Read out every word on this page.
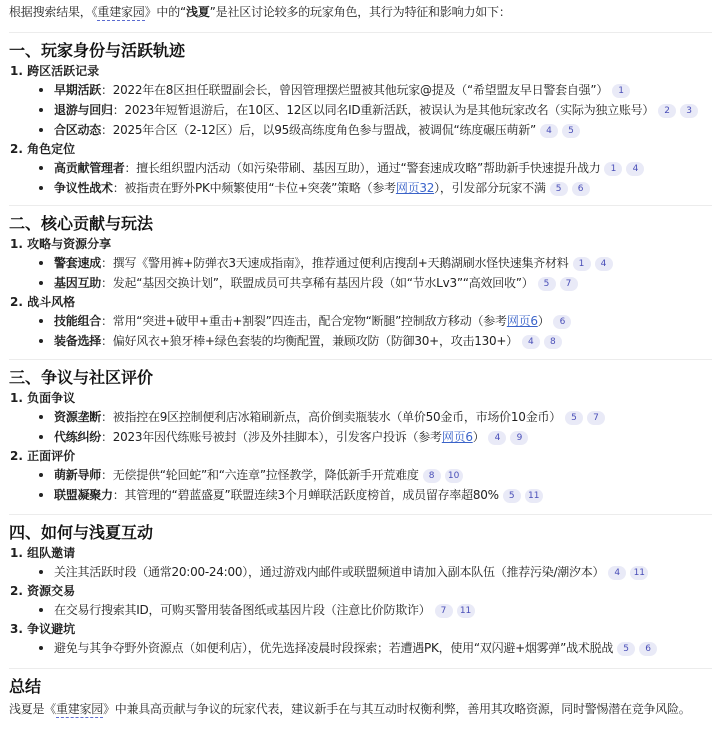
根据搜索结果，《重建家园》中的“浅夏”是社区讨论较多的玩家角色，其行为特征和影响力如下：
一、玩家身份与活跃轨迹
1. 跨区活跃记录
早期活跃：2022年在8区担任联盟副会长，曾因管理摆烂盟被其他玩家@提及（“希望盟友早日警套自强”） 1
退游与回归：2023年短暂退游后，在10区、12区以同名ID重新活跃，被误认为是其他玩家改名（实际为独立账号） 2 3
合区动态：2025年合区（2-12区）后，以95级高练度角色参与盟战，被调侃“练度碾压萌新” 4 5
2. 角色定位
高贡献管理者：擅长组织盟内活动（如污染带刷、基因互助），通过“警套速成攻略”帮助新手快速提升战力 1 4
争议性战术：被指责在野外PK中频繁使用“卡位+突袭”策略（参考网页32），引发部分玩家不满 5 6
二、核心贡献与玩法
1. 攻略与资源分享
警套速成：撰写《警用裤+防弹衣3天速成指南》，推荐通过便利店搜刮+天鹅湖刷水怪快速集齐材料 1 4
基因互助：发起“基因交换计划”，联盟成员可共享稀有基因片段（如“节水Lv3”“高效回收”） 5 7
2. 战斗风格
技能组合：常用“突进+破甲+重击+割裂”四连击，配合宠物“断腿”控制敌方移动（参考网页6） 6
装备选择：偏好风衣+狼牙棒+绿色套装的均衡配置，兼顾攻防（防御30+，攻击130+） 4 8
三、争议与社区评价
1. 负面争议
资源垄断：被指控在9区控制便利店冰箱刷新点，高价倒卖瓶装水（单价50金币，市场价10金币） 5 7
代练纠纷：2023年因代练账号被封（涉及外挂脚本），引发客户投诉（参考网页6） 4 9
2. 正面评价
萌新导师：无偿提供“轮回蛇”和“六连章”拉怪教学，降低新手开荒难度 8 10
联盟凝聚力：其管理的“碧蓝盛夏”联盟连续3个月蝉联活跃度榜首，成员留存率超80% 5 11
四、如何与浅夏互动
1. 组队邀请
关注其活跃时段（通常20:00-24:00），通过游戏内邮件或联盟频道申请加入副本队伍（推荐污染/潮汐本） 4 11
2. 资源交易
在交易行搜索其ID，可购买警用装备图纸或基因片段（注意比价防欺诈） 7 11
3. 争议避坑
避免与其争夺野外资源点（如便利店），优先选择凌晨时段探索；若遭遇PK，使用“双闪避+烟雾弹”战术脱战 5 6
总结
浅夏是《重建家园》中兼具高贡献与争议的玩家代表，建议新手在与其互动时权衡利弊，善用其攻略资源，同时警惕潜在竞争风险。
